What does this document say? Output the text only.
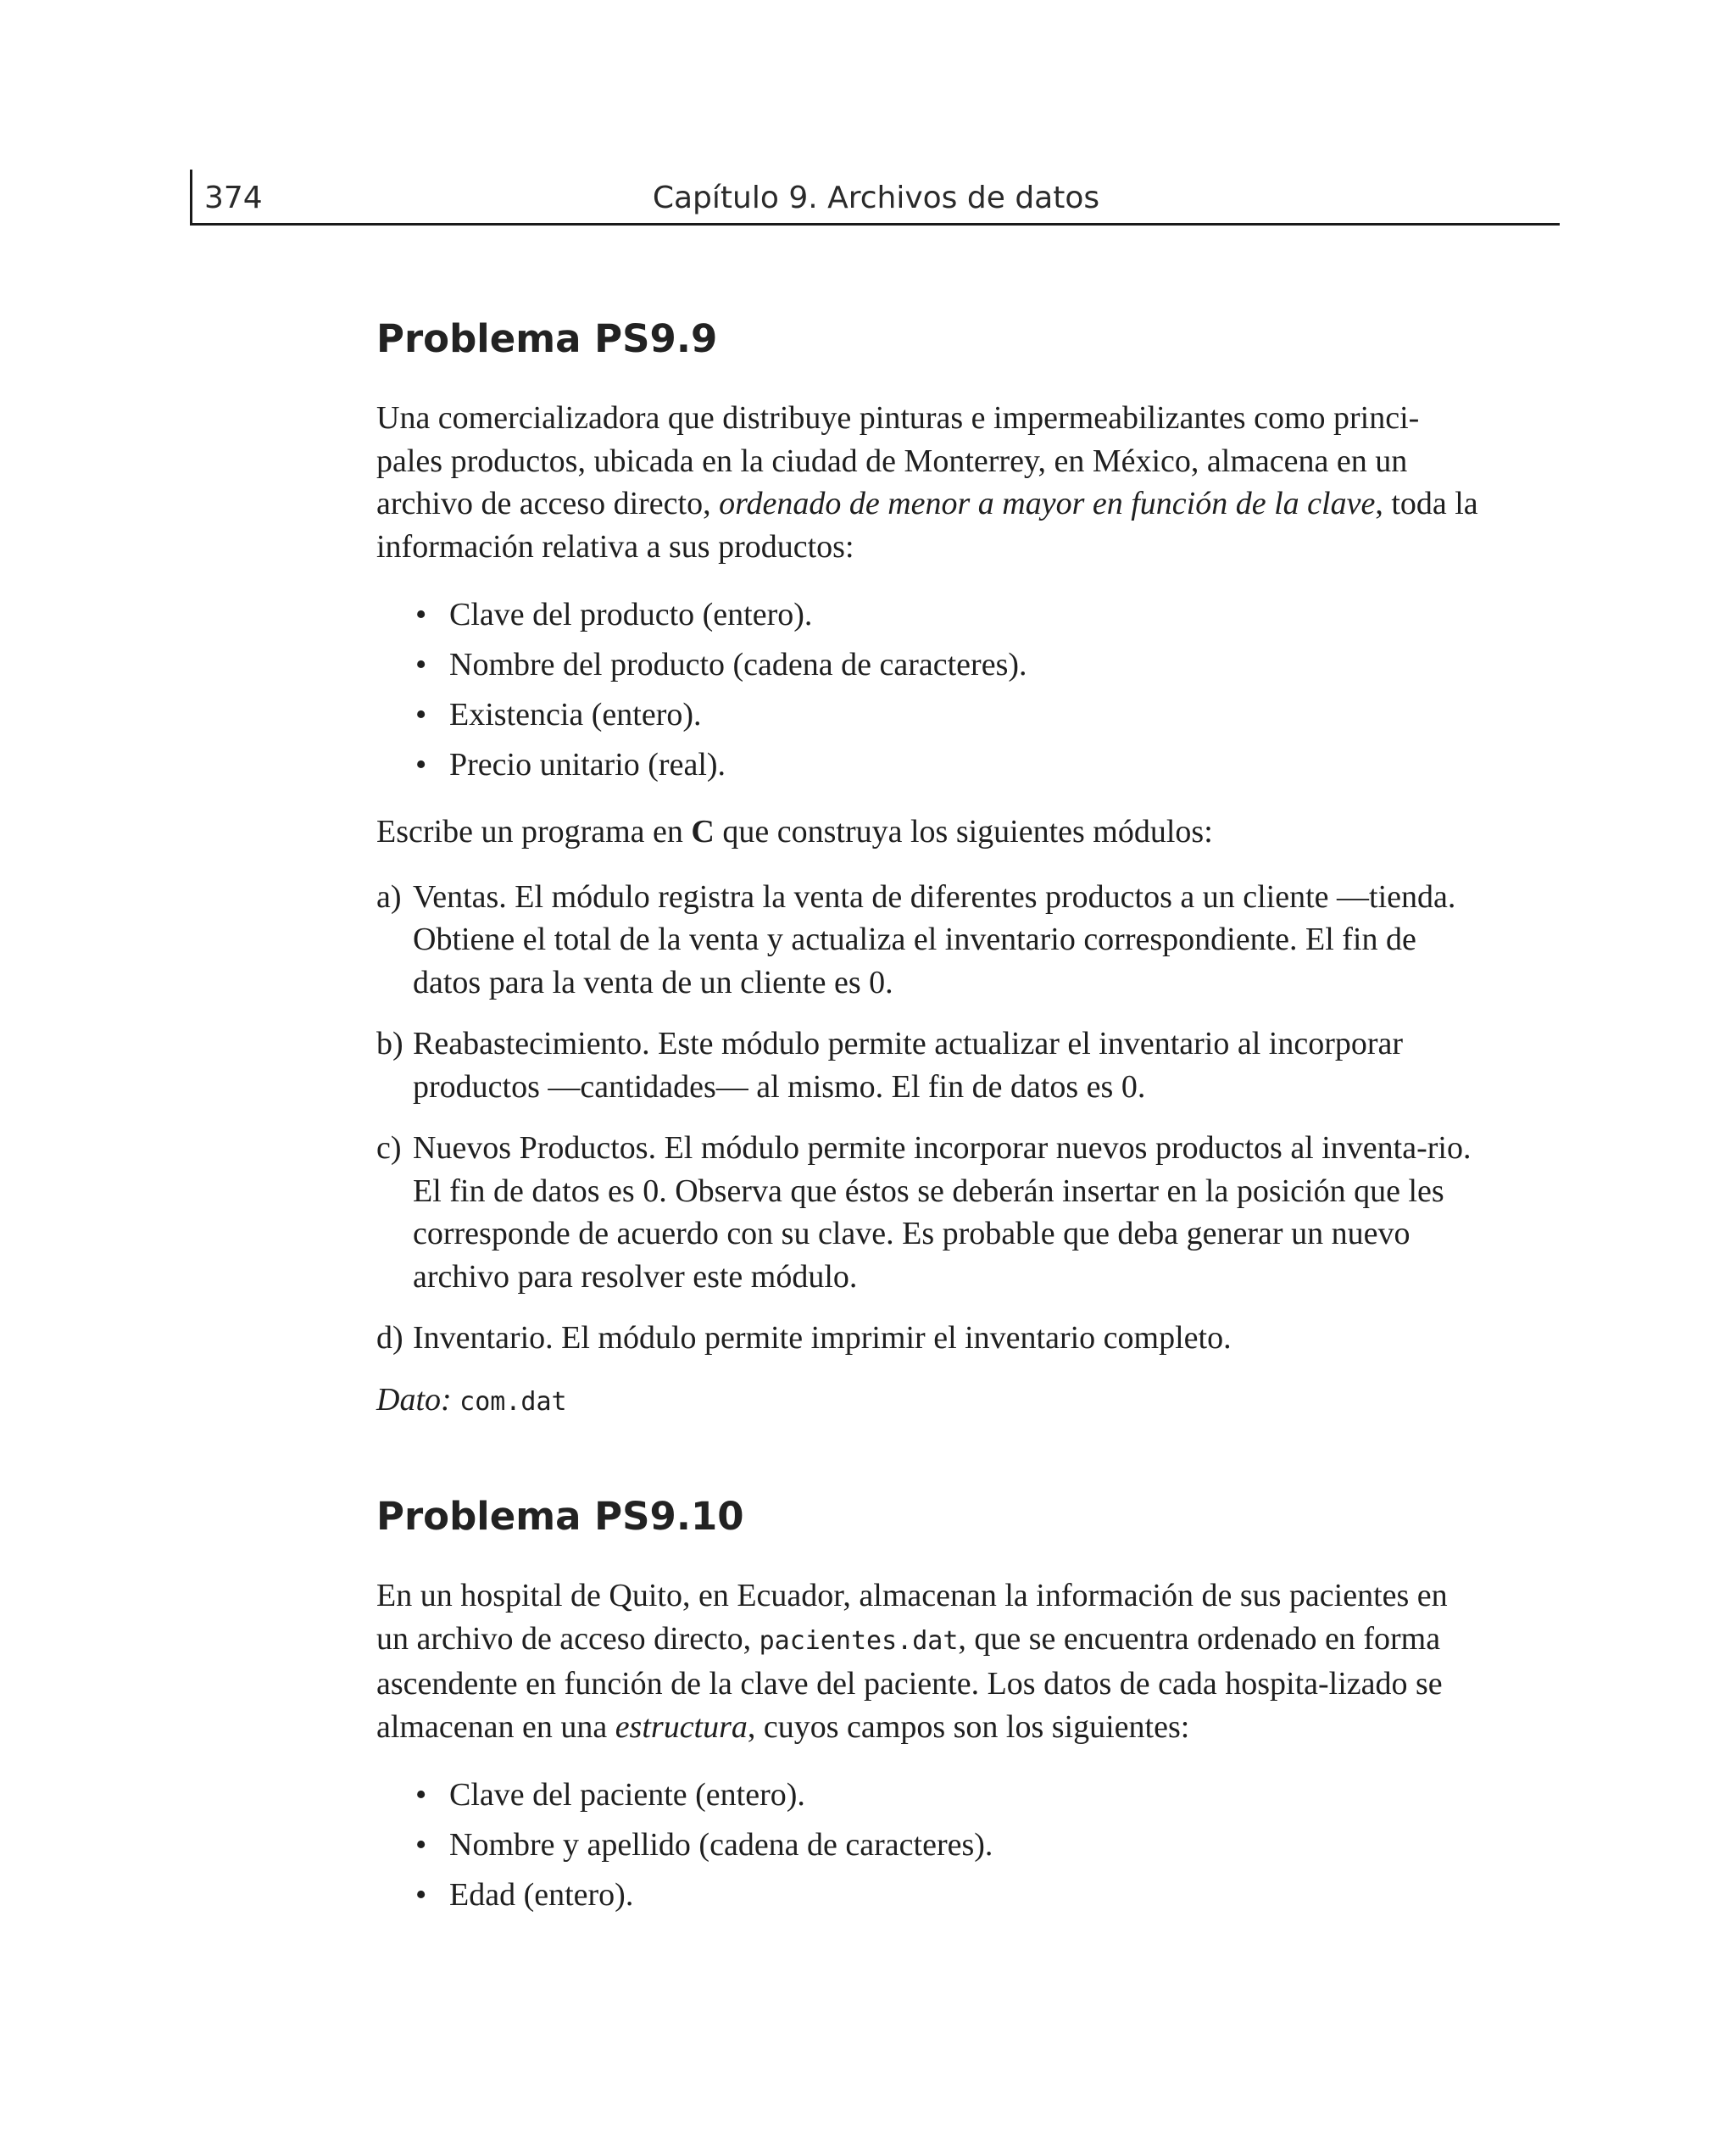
374	Capítulo 9. Archivos de datos
Problema PS9.9

Una comercializadora que distribuye pinturas e impermeabilizantes como princi-pales productos, ubicada en la ciudad de Monterrey, en México, almacena en un archivo de acceso directo, ordenado de menor a mayor en función de la clave, toda la información relativa a sus productos:

• Clave del producto (entero).
• Nombre del producto (cadena de caracteres).
• Existencia (entero).
• Precio unitario (real).

Escribe un programa en C que construya los siguientes módulos:

a) Ventas. El módulo registra la venta de diferentes productos a un cliente —tienda. Obtiene el total de la venta y actualiza el inventario correspondiente. El fin de datos para la venta de un cliente es 0.
b) Reabastecimiento. Este módulo permite actualizar el inventario al incorporar productos —cantidades— al mismo. El fin de datos es 0.
c) Nuevos Productos. El módulo permite incorporar nuevos productos al inventa-rio. El fin de datos es 0. Observa que éstos se deberán insertar en la posición que les corresponde de acuerdo con su clave. Es probable que deba generar un nuevo archivo para resolver este módulo.
d) Inventario. El módulo permite imprimir el inventario completo.

Dato: com.dat

Problema PS9.10

En un hospital de Quito, en Ecuador, almacenan la información de sus pacientes en un archivo de acceso directo, pacientes.dat, que se encuentra ordenado en forma ascendente en función de la clave del paciente. Los datos de cada hospita-lizado se almacenan en una estructura, cuyos campos son los siguientes:

• Clave del paciente (entero).
• Nombre y apellido (cadena de caracteres).
• Edad (entero).
